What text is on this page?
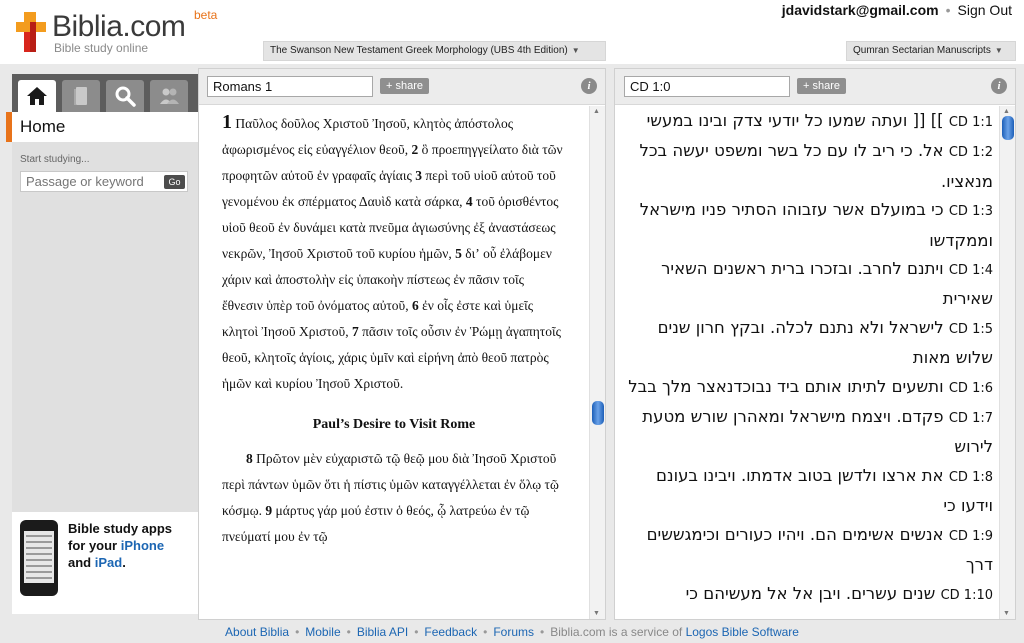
Biblia.com beta
Bible study online
jdavidstark@gmail.com • Sign Out
The Swanson New Testament Greek Morphology (UBS 4th Edition) ▼	Qumran Sectarian Manuscripts ▼
Home
Start studying...
Passage or keyword
Go
Bible study apps
for your iPhone
and iPad.
Romans 1
+ share	i
1 Παῦλος δοῦλος Χριστοῦ Ἰησοῦ, κλητὸς ἀπόστολος ἀφωρισμένος εἰς εὐαγγέλιον θεοῦ, 2 ὃ προεπηγγείλατο διὰ τῶν προφητῶν αὐτοῦ ἐν γραφαῖς ἁγίαις 3 περὶ τοῦ υἱοῦ αὐτοῦ τοῦ γενομένου ἐκ σπέρματος Δαυὶδ κατὰ σάρκα, 4 τοῦ ὁρισθέντος υἱοῦ θεοῦ ἐν δυνάμει κατὰ πνεῦμα ἁγιωσύνης ἐξ ἀναστάσεως νεκρῶν, Ἰησοῦ Χριστοῦ τοῦ κυρίου ἡμῶν, 5 διʼ οὗ ἐλάβομεν χάριν καὶ ἀποστολὴν εἰς ὑπακοὴν πίστεως ἐν πᾶσιν τοῖς ἔθνεσιν ὑπὲρ τοῦ ὀνόματος αὐτοῦ, 6 ἐν οἷς ἐστε καὶ ὑμεῖς κλητοὶ Ἰησοῦ Χριστοῦ, 7 πᾶσιν τοῖς οὖσιν ἐν Ῥώμῃ ἀγαπητοῖς θεοῦ, κλητοῖς ἁγίοις, χάρις ὑμῖν καὶ εἰρήνη ἀπὸ θεοῦ πατρὸς ἡμῶν καὶ κυρίου Ἰησοῦ Χριστοῦ.
Paul’s Desire to Visit Rome
8 Πρῶτον μὲν εὐχαριστῶ τῷ θεῷ μου διὰ Ἰησοῦ Χριστοῦ περὶ πάντων ὑμῶν ὅτι ἡ πίστις ὑμῶν καταγγέλλεται ἐν ὅλῳ τῷ κόσμῳ. 9 μάρτυς γάρ μού ἐστιν ὁ θεός, ᾧ λατρεύω ἐν τῷ πνεύματί μου ἐν τῷ
▲
▼
CD 1:0
+ share	i
CD 1:1 ]] [[ ועתה שמעו כל יודעי צדק ובינו במעשי
CD 1:2 אל. כי ריב לו עם כל בשר ומשפט יעשה בכל מנאציו.
CD 1:3 כי במועלם אשר עזבוהו הסתיר פניו מישראל וממקדשו
CD 1:4 ויתנם לחרב. ובזכרו ברית ראשנים השאיר שאירית
CD 1:5 לישראל ולא נתנם לכלה. ובקץ חרון שנים שלוש מאות
CD 1:6 ותשעים לתיתו אותם ביד נבוכדנאצר מלך בבל
CD 1:7 פקדם. ויצמח מישראל ומאהרן שורש מטעת לירוש
CD 1:8 את ארצו ולדשן בטוב אדמתו. ויבינו בעונם וידעו כי
CD 1:9 אנשים אשימים הם. ויהיו כעורים וכימגששים דרך
CD 1:10 שנים עשרים. ויבן אל אל מעשיהם כי
▲
▼
About Biblia • Mobile • Biblia API • Feedback • Forums • Biblia.com is a service of Logos Bible Software
